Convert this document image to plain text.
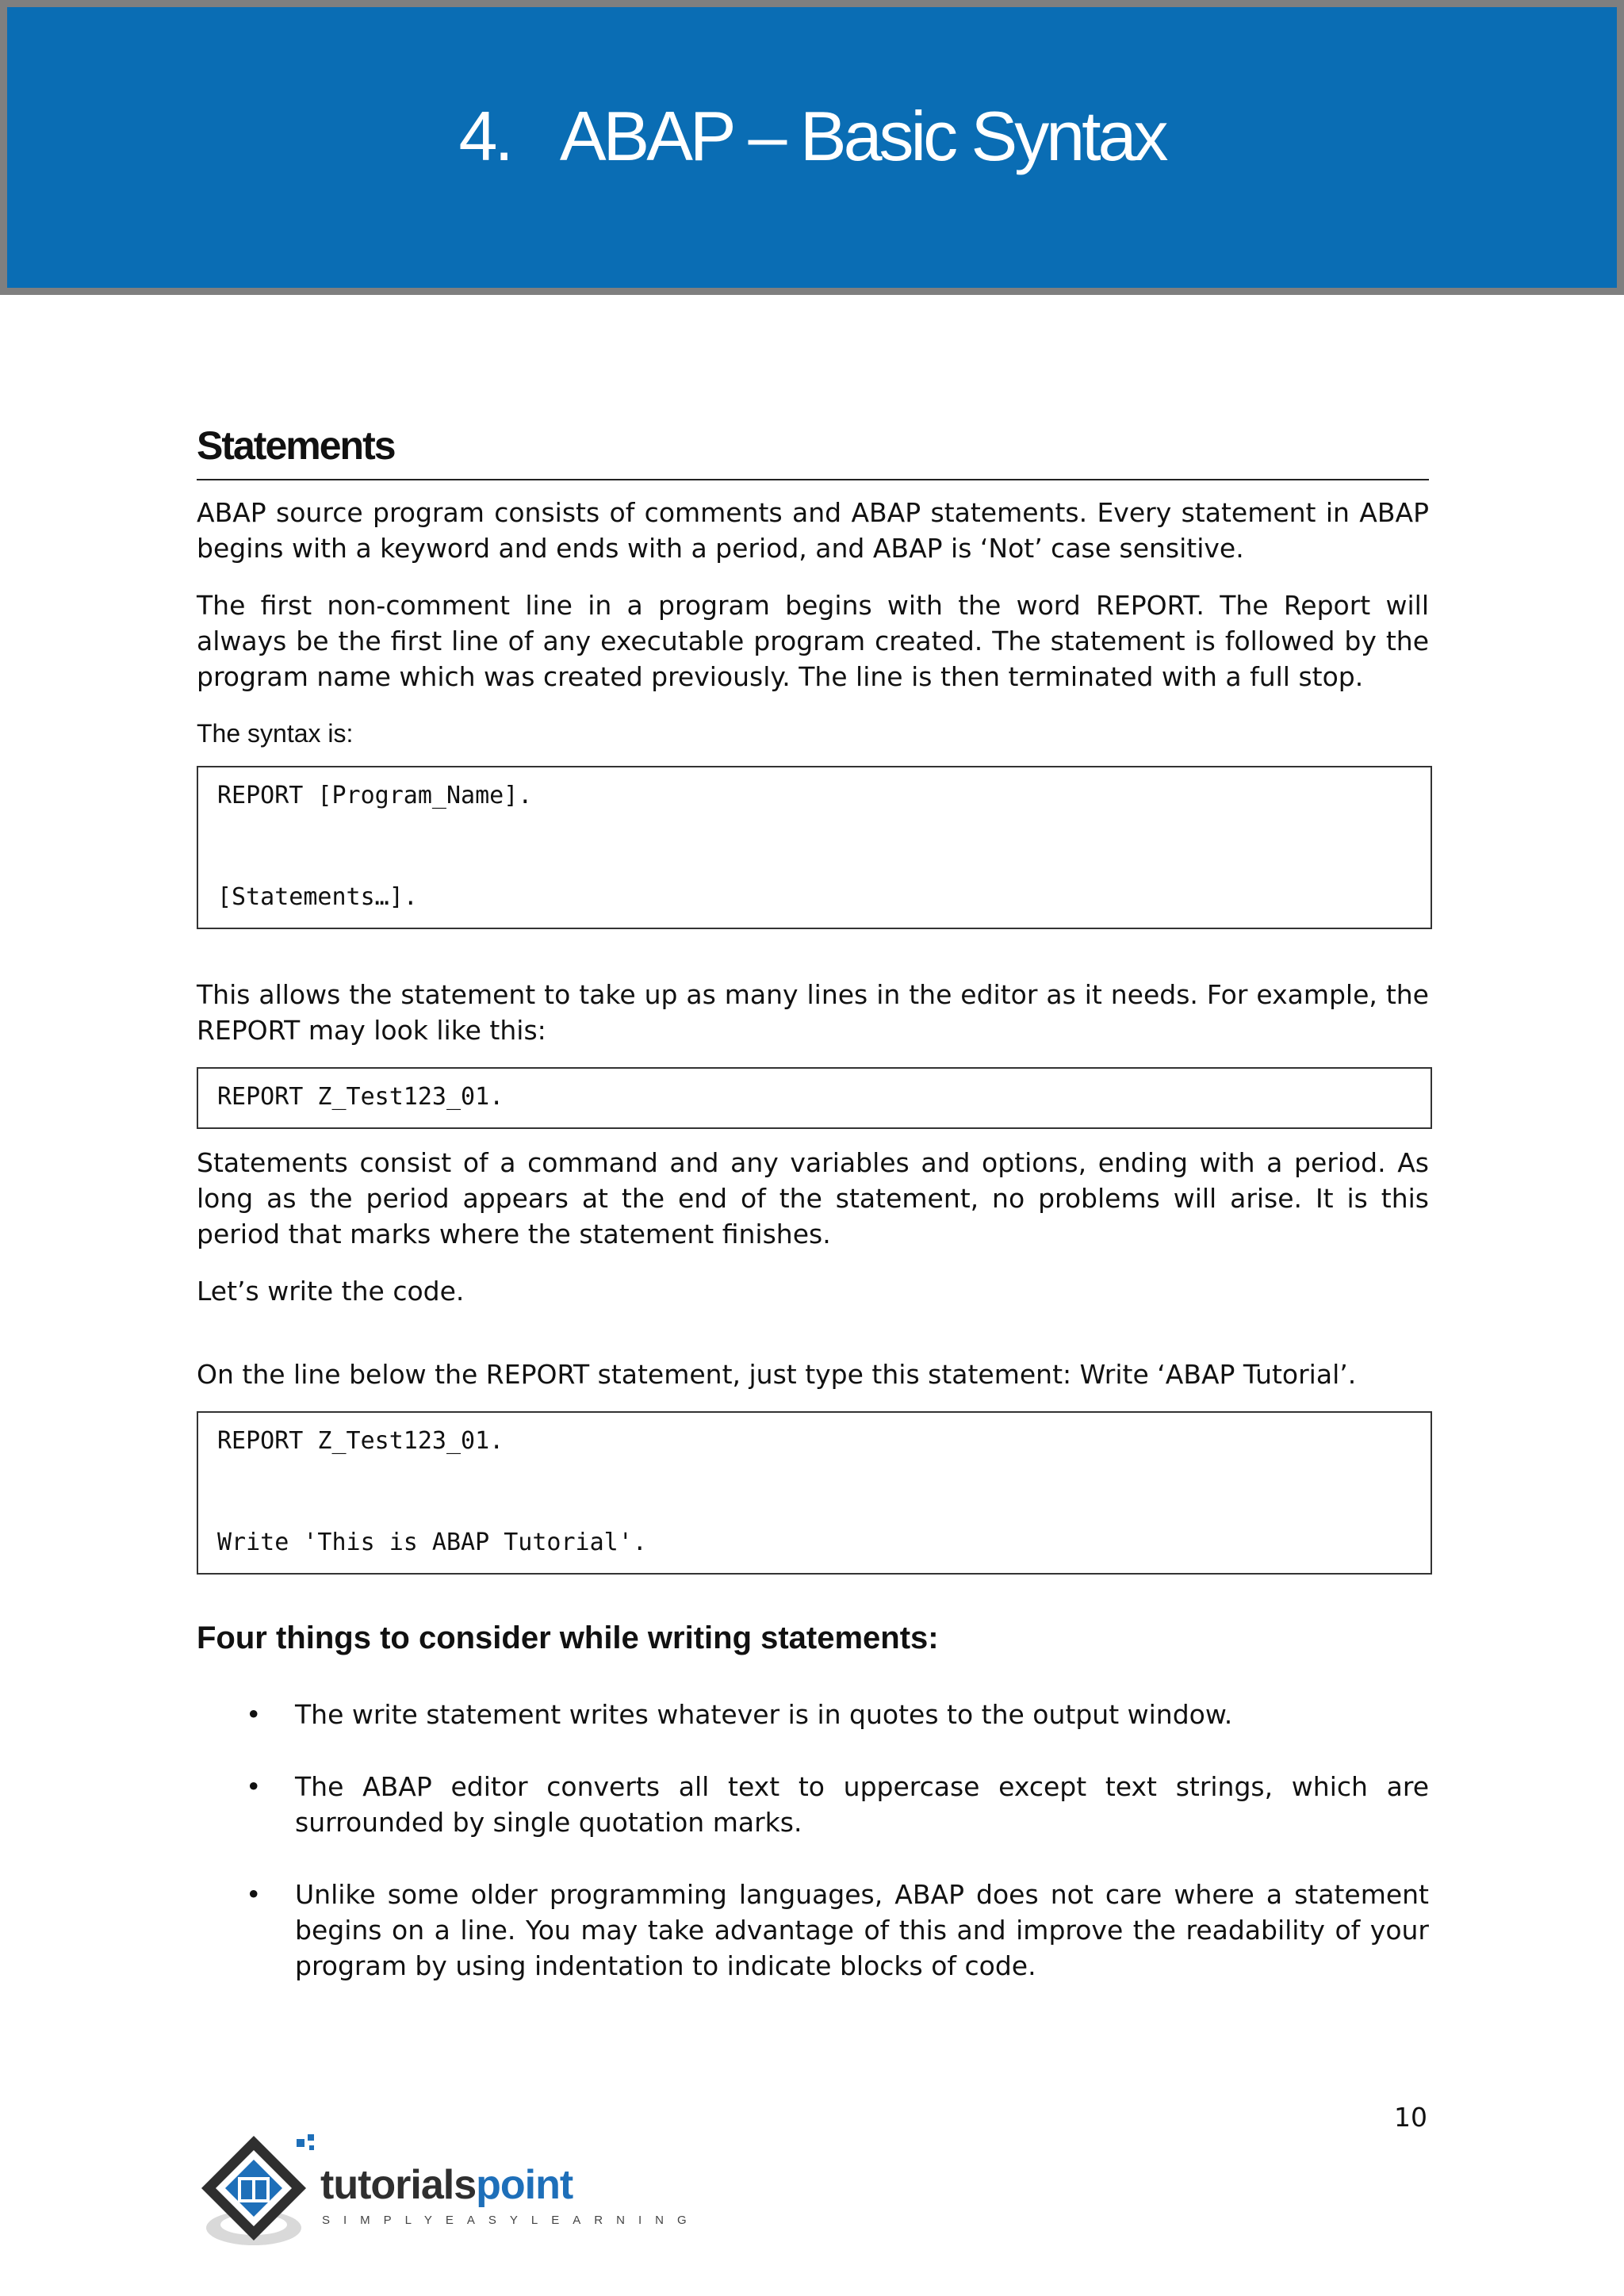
4. ABAP – Basic Syntax
Statements

ABAP source program consists of comments and ABAP statements. Every statement in ABAP begins with a keyword and ends with a period, and ABAP is ‘Not’ case sensitive.

The first non-comment line in a program begins with the word REPORT. The Report will always be the first line of any executable program created. The statement is followed by the program name which was created previously. The line is then terminated with a full stop.

The syntax is:

REPORT [Program_Name].
[Statements…].

This allows the statement to take up as many lines in the editor as it needs. For example, the REPORT may look like this:

REPORT Z_Test123_01.

Statements consist of a command and any variables and options, ending with a period. As long as the period appears at the end of the statement, no problems will arise. It is this period that marks where the statement finishes.

Let’s write the code.

On the line below the REPORT statement, just type this statement: Write ‘ABAP Tutorial’.

REPORT Z_Test123_01.
Write 'This is ABAP Tutorial'.
Four things to consider while writing statements:
• The write statement writes whatever is in quotes to the output window.
• The ABAP editor converts all text to uppercase except text strings, which are surrounded by single quotation marks.
• Unlike some older programming languages, ABAP does not care where a statement begins on a line. You may take advantage of this and improve the readability of your program by using indentation to indicate blocks of code.
10
tutorialspoint
SIMPLYEASYLEARNING
